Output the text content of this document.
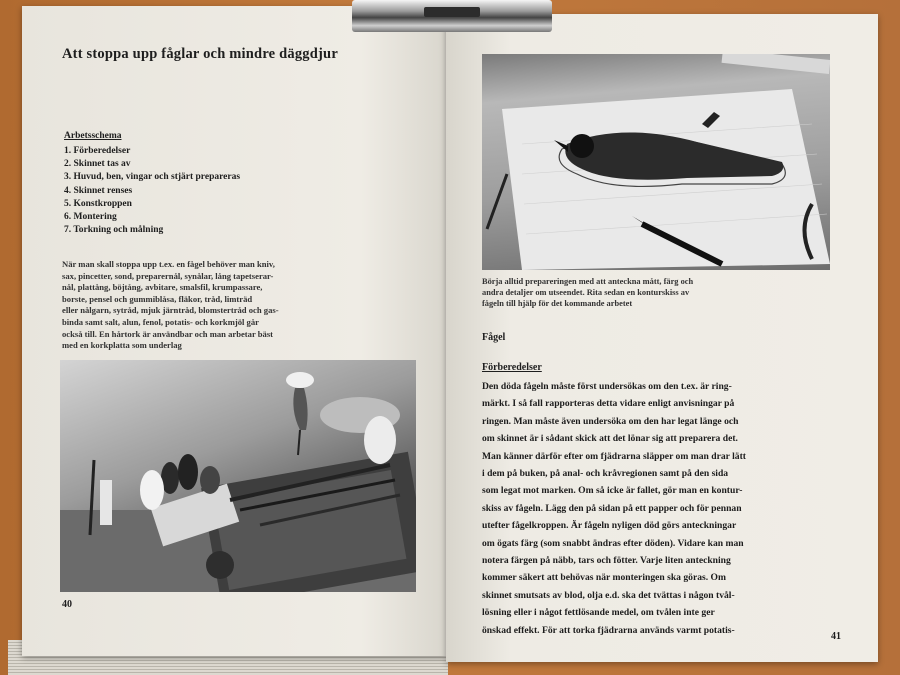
Att stoppa upp fåglar och mindre däggdjur
Arbetsschema
1. Förberedelser
2. Skinnet tas av
3. Huvud, ben, vingar och stjärt prepareras
4. Skinnet renses
5. Konstkroppen
6. Montering
7. Torkning och målning
När man skall stoppa upp t.ex. en fågel behöver man kniv,
sax, pincetter, sond, preparernål, synålar, lång tapetserar-
nål, plattång, böjtång, avbitare, smalsfil, krumpassare,
borste, pensel och gummiblåsa, fläkor, tråd, limträd
eller nålgarn, sytråd, mjuk järntråd, blomstertråd och gas-
binda samt salt, alun, fenol, potatis- och korkmjöl går
också till. En hårtork är användbar och man arbetar bäst
med en korkplatta som underlag
40
Börja alltid prepareringen med att anteckna mått, färg och
andra detaljer om utseendet. Rita sedan en konturskiss av
fågeln till hjälp för det kommande arbetet
Fågel
Förberedelser
Den döda fågeln måste först undersökas om den t.ex. är ring-
märkt. I så fall rapporteras detta vidare enligt anvisningar på
ringen. Man måste även undersöka om den har legat länge och
om skinnet är i sådant skick att det lönar sig att preparera det.
Man känner därför efter om fjädrarna släpper om man drar lätt
i dem på buken, på anal- och kråvregionen samt på den sida
som legat mot marken. Om så icke är fallet, gör man en kontur-
skiss av fågeln. Lägg den på sidan på ett papper och för pennan
utefter fågelkroppen. Är fågeln nyligen död görs anteckningar
om ögats färg (som snabbt ändras efter döden). Vidare kan man
notera färgen på näbb, tars och fötter. Varje liten anteckning
kommer säkert att behövas när monteringen ska göras. Om
skinnet smutsats av blod, olja e.d. ska det tvättas i någon tvål-
lösning eller i något fettlösande medel, om tvålen inte ger
önskad effekt. För att torka fjädrarna används varmt potatis-
41
